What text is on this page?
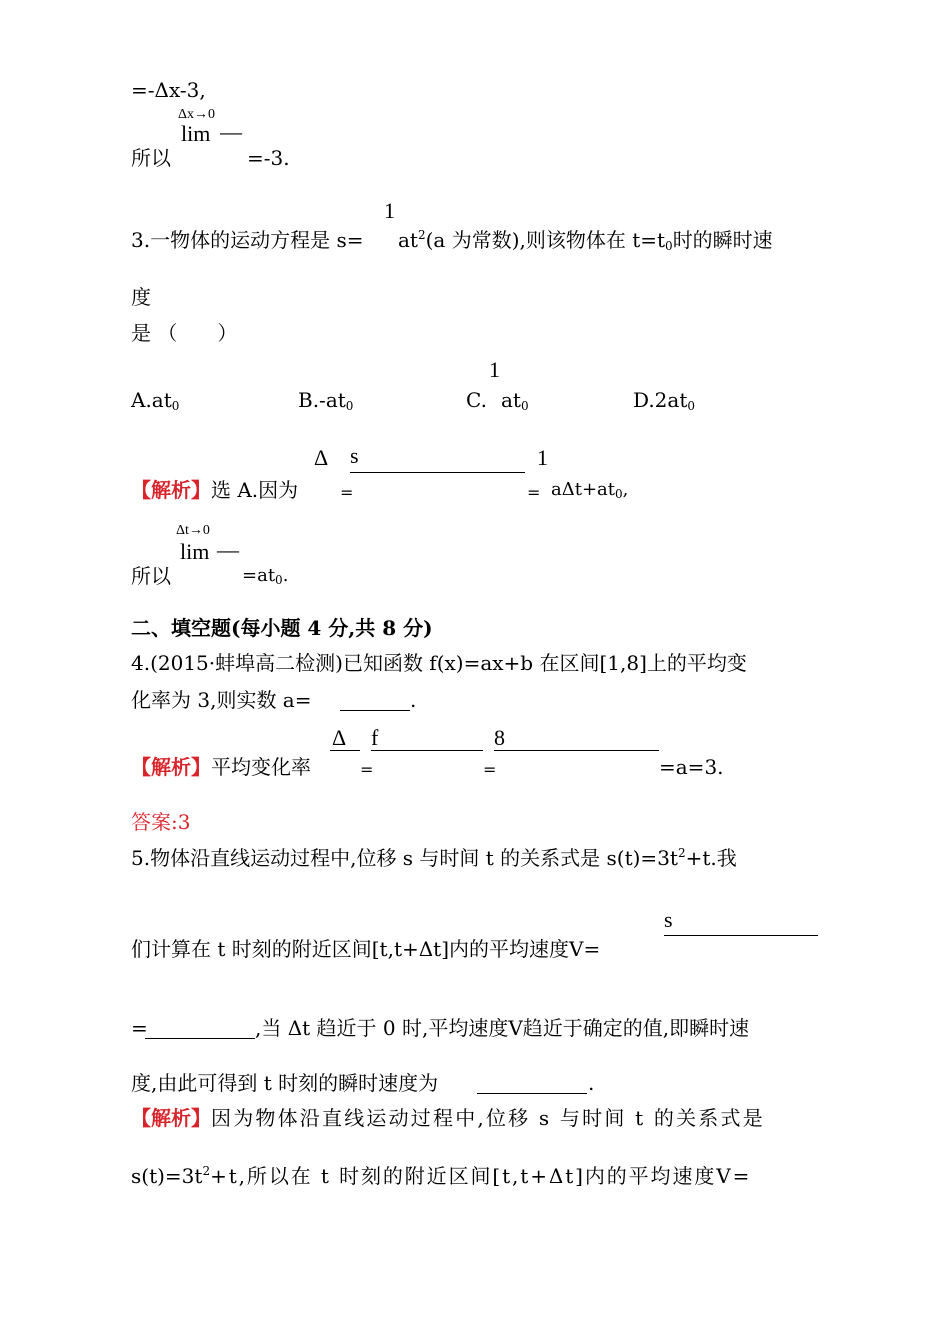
=-Δx-3,
Δx→0
lim —
所以	=-3.
1
3.一物体的运动方程是 $s= at^2(a$ 为常数),则该物体在 $t=t_0$时的瞬时速
度
是 （　　）
1
$A.at_0$	$B.-at_0$	C. $at_0$	$D.2at_0$
Δ s	1
【解析】选 A.因为	=	= $a\Delta t+at_0$,
Δt→0
lim —
所以	$=at_0$.
二、填空题(每小题 4 分,共 8 分)
4.(2015·蚌埠高二检测)已知函数 f(x)=ax+b 在区间[1,8]上的平均变
化率为 3,则实数 a=	.
Δ f	8
【解析】平均变化率	=	=	=a=3.
答案:3
5.物体沿直线运动过程中,位移 s 与时间 t 的关系式是 $s(t)=3t^2+t$.我
s
们计算在 t 时刻的附近区间[t,t+Δt]内的平均速度V=
=	,当 Δt 趋近于 0 时,平均速度V趋近于确定的值,即瞬时速
度,由此可得到 t 时刻的瞬时速度为	.
【解析】因为物体沿直线运动过程中,位移 s 与时间 t 的关系式是
$s(t)=3t^2+t$,所以在 t 时刻的附近区间[t,t+Δt]内的平均速度V=
